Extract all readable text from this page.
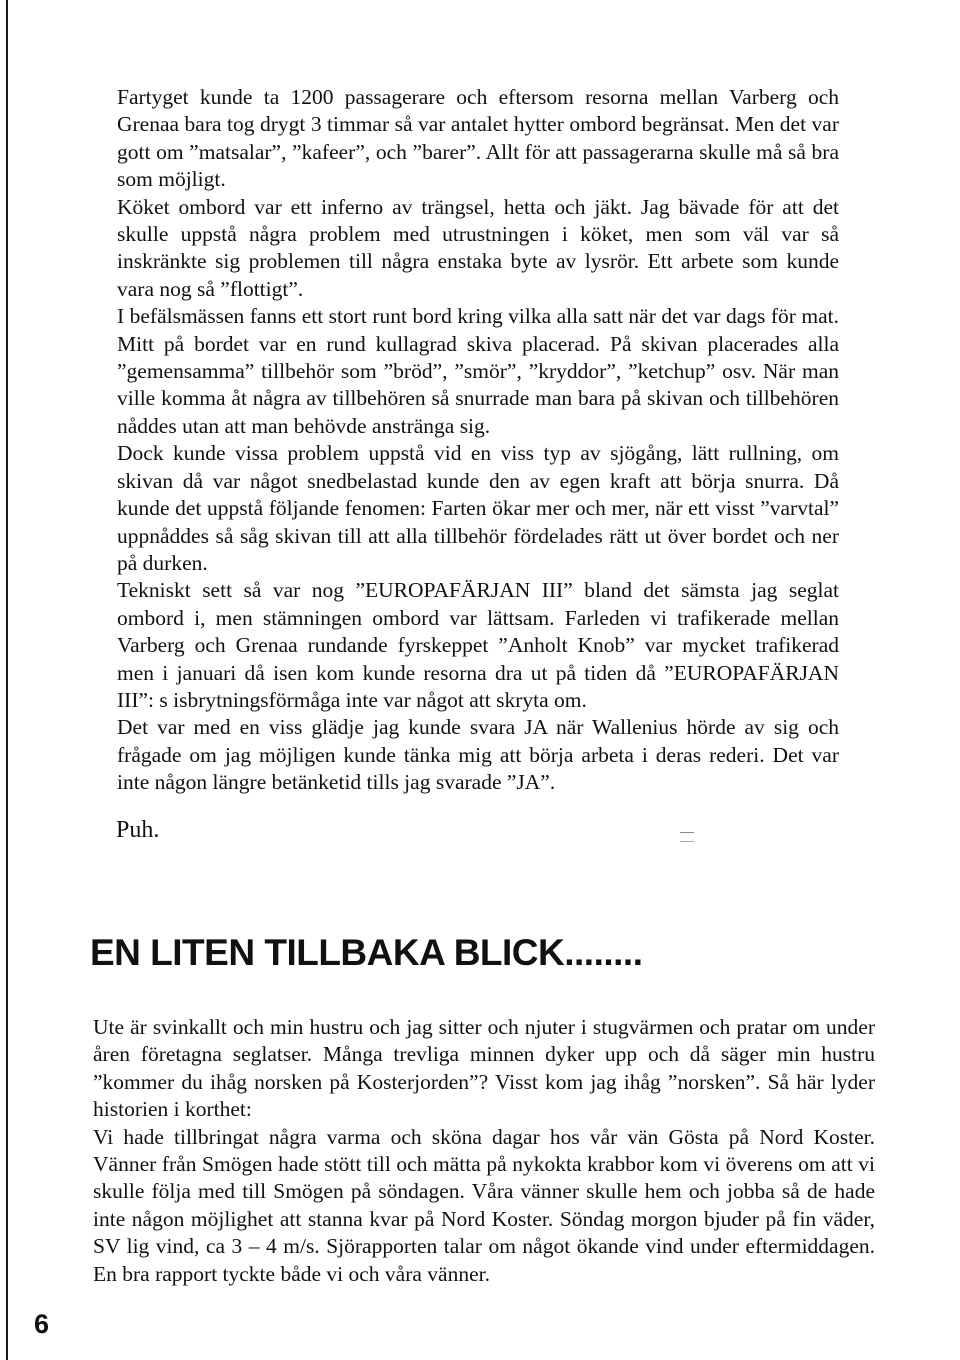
Fartyget kunde ta 1200 passagerare och eftersom resorna mellan Varberg och Grenaa bara tog drygt 3 timmar så var antalet hytter ombord begränsat. Men det var gott om ”matsalar”, ”kafeer”, och ”barer”. Allt för att passagerarna skulle må så bra som möjligt.

Köket ombord var ett inferno av trängsel, hetta och jäkt. Jag bävade för att det skulle uppstå några problem med utrustningen i köket, men som väl var så inskränkte sig problemen till några enstaka byte av lysrör. Ett arbete som kunde vara nog så ”flottigt”.

I befälsmässen fanns ett stort runt bord kring vilka alla satt när det var dags för mat. Mitt på bordet var en rund kullagrad skiva placerad. På skivan placerades alla ”gemensamma” tillbehör som ”bröd”, ”smör”, ”kryddor”, ”ketchup” osv. När man ville komma åt några av tillbehören så snurrade man bara på skivan och tillbehören nåddes utan att man behövde anstränga sig.

Dock kunde vissa problem uppstå vid en viss typ av sjögång, lätt rullning, om skivan då var något snedbelastad kunde den av egen kraft att börja snurra. Då kunde det uppstå följande fenomen: Farten ökar mer och mer, när ett visst ”varvtal” uppnåddes så såg skivan till att alla tillbehör fördelades rätt ut över bordet och ner på durken.

Tekniskt sett så var nog ”EUROPAFÄRJAN III” bland det sämsta jag seglat ombord i, men stämningen ombord var lättsam. Farleden vi trafikerade mellan Varberg och Grenaa rundande fyrskeppet ”Anholt Knob” var mycket trafikerad men i januari då isen kom kunde resorna dra ut på tiden då ”EUROPAFÄRJAN III”: s isbrytningsförmåga inte var något att skryta om.

Det var med en viss glädje jag kunde svara JA när Wallenius hörde av sig och frågade om jag möjligen kunde tänka mig att börja arbeta i deras rederi. Det var inte någon längre betänketid tills jag svarade ”JA”.

Puh.
EN LITEN TILLBAKA BLICK........

Ute är svinkallt och min hustru och jag sitter och njuter i stugvärmen och pratar om under åren företagna seglatser. Många trevliga minnen dyker upp och då säger min hustru ”kommer du ihåg norsken på Kosterjorden”? Visst kom jag ihåg ”norsken”. Så här lyder historien i korthet:

Vi hade tillbringat några varma och sköna dagar hos vår vän Gösta på Nord Koster. Vänner från Smögen hade stött till och mätta på nykokta krabbor kom vi överens om att vi skulle följa med till Smögen på söndagen. Våra vänner skulle hem och jobba så de hade inte någon möjlighet att stanna kvar på Nord Koster. Söndag morgon bjuder på fin väder, SV lig vind, ca 3 – 4 m/s. Sjörapporten talar om något ökande vind under eftermiddagen. En bra rapport tyckte både vi och våra vänner.

6
